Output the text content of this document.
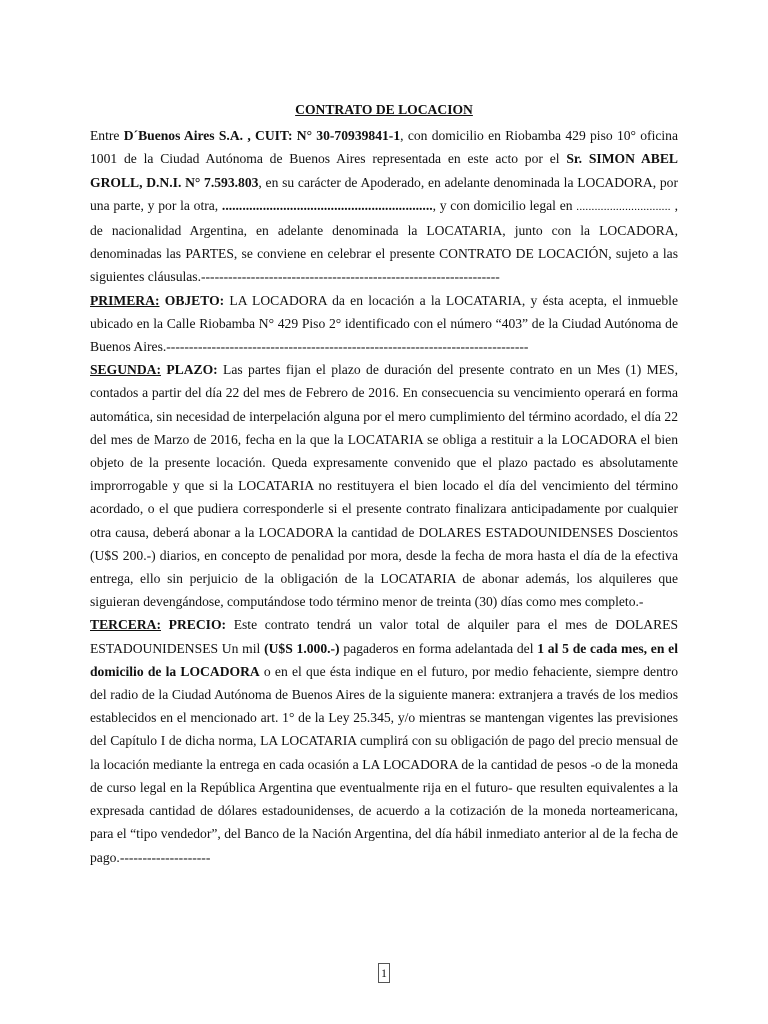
CONTRATO DE LOCACION

Entre D´Buenos Aires S.A. , CUIT: N° 30-70939841-1, con domicilio en Riobamba 429 piso 10° oficina 1001 de la Ciudad Autónoma de Buenos Aires representada en este acto por el Sr. SIMON ABEL GROLL, D.N.I. N° 7.593.803, en su carácter de Apoderado, en adelante denominada la LOCADORA, por una parte, y por la otra, .............................................................., y con domicilio legal en ............................... , de nacionalidad Argentina, en adelante denominada la LOCATARIA, junto con la LOCADORA, denominadas las PARTES, se conviene en celebrar el presente CONTRATO DE LOCACIÓN, sujeto a las siguientes cláusulas.------------------------------------------------------------------

PRIMERA: OBJETO: LA LOCADORA da en locación a la LOCATARIA, y ésta acepta, el inmueble ubicado en la Calle Riobamba N° 429 Piso 2° identificado con el número “403” de la Ciudad Autónoma de Buenos Aires.--------------------------------------------------------------------------------

SEGUNDA: PLAZO: Las partes fijan el plazo de duración del presente contrato en un Mes (1) MES, contados a partir del día 22 del mes de Febrero de 2016. En consecuencia su vencimiento operará en forma automática, sin necesidad de interpelación alguna por el mero cumplimiento del término acordado, el día 22 del mes de Marzo de 2016, fecha en la que la LOCATARIA se obliga a restituir a la LOCADORA el bien objeto de la presente locación. Queda expresamente convenido que el plazo pactado es absolutamente improrrogable y que si la LOCATARIA no restituyera el bien locado el día del vencimiento del término acordado, o el que pudiera corresponderle si el presente contrato finalizara anticipadamente por cualquier otra causa, deberá abonar a la LOCADORA la cantidad de DOLARES ESTADOUNIDENSES Doscientos (U$S 200.-) diarios, en concepto de penalidad por mora, desde la fecha de mora hasta el día de la efectiva entrega, ello sin perjuicio de la obligación de la LOCATARIA de abonar además, los alquileres que siguieran devengándose, computándose todo término menor de treinta (30) días como mes completo.-

TERCERA: PRECIO: Este contrato tendrá un valor total de alquiler para el mes de DOLARES ESTADOUNIDENSES Un mil (U$S 1.000.-) pagaderos en forma adelantada del 1 al 5 de cada mes, en el domicilio de la LOCADORA o en el que ésta indique en el futuro, por medio fehaciente, siempre dentro del radio de la Ciudad Autónoma de Buenos Aires de la siguiente manera: extranjera a través de los medios establecidos en el mencionado art. 1° de la Ley 25.345, y/o mientras se mantengan vigentes las previsiones del Capítulo I de dicha norma, LA LOCATARIA cumplirá con su obligación de pago del precio mensual de la locación mediante la entrega en cada ocasión a LA LOCADORA de la cantidad de pesos -o de la moneda de curso legal en la República Argentina que eventualmente rija en el futuro- que resulten equivalentes a la expresada cantidad de dólares estadounidenses, de acuerdo a la cotización de la moneda norteamericana, para el “tipo vendedor”, del Banco de la Nación Argentina, del día hábil inmediato anterior al de la fecha de pago.--------------------

1
